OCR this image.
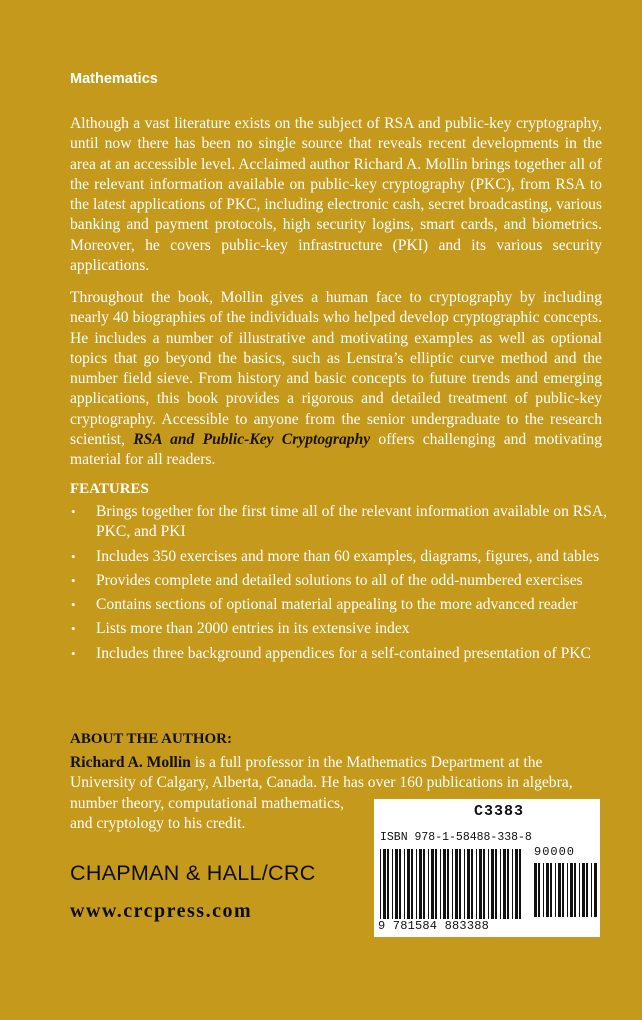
Mathematics

Although a vast literature exists on the subject of RSA and public-key cryptography, until now there has been no single source that reveals recent developments in the area at an accessible level. Acclaimed author Richard A. Mollin brings together all of the relevant information available on public-key cryptography (PKC), from RSA to the latest applications of PKC, including electronic cash, secret broadcasting, various banking and payment protocols, high security logins, smart cards, and biometrics. Moreover, he covers public-key infrastructure (PKI) and its various security applications.

Throughout the book, Mollin gives a human face to cryptography by including nearly 40 biographies of the individuals who helped develop cryptographic concepts. He includes a number of illustrative and motivating examples as well as optional topics that go beyond the basics, such as Lenstra’s elliptic curve method and the number field sieve. From history and basic concepts to future trends and emerging applications, this book provides a rigorous and detailed treatment of public-key cryptography. Accessible to anyone from the senior undergraduate to the research scientist, RSA and Public-Key Cryptography offers challenging and motivating material for all readers.

FEATURES
• Brings together for the first time all of the relevant information available on RSA, PKC, and PKI
• Includes 350 exercises and more than 60 examples, diagrams, figures, and tables
• Provides complete and detailed solutions to all of the odd-numbered exercises
• Contains sections of optional material appealing to the more advanced reader
• Lists more than 2000 entries in its extensive index
• Includes three background appendices for a self-contained presentation of PKC
ABOUT THE AUTHOR:

Richard A. Mollin is a full professor in the Mathematics Department at the
University of Calgary, Alberta, Canada. He has over 160 publications in algebra,
number theory, computational mathematics,
and cryptology to his credit.

CHAPMAN & HALL/CRC
www.crcpress.com
C3383
ISBN 978-1-58488-338-8
90000
9 781584 883388
